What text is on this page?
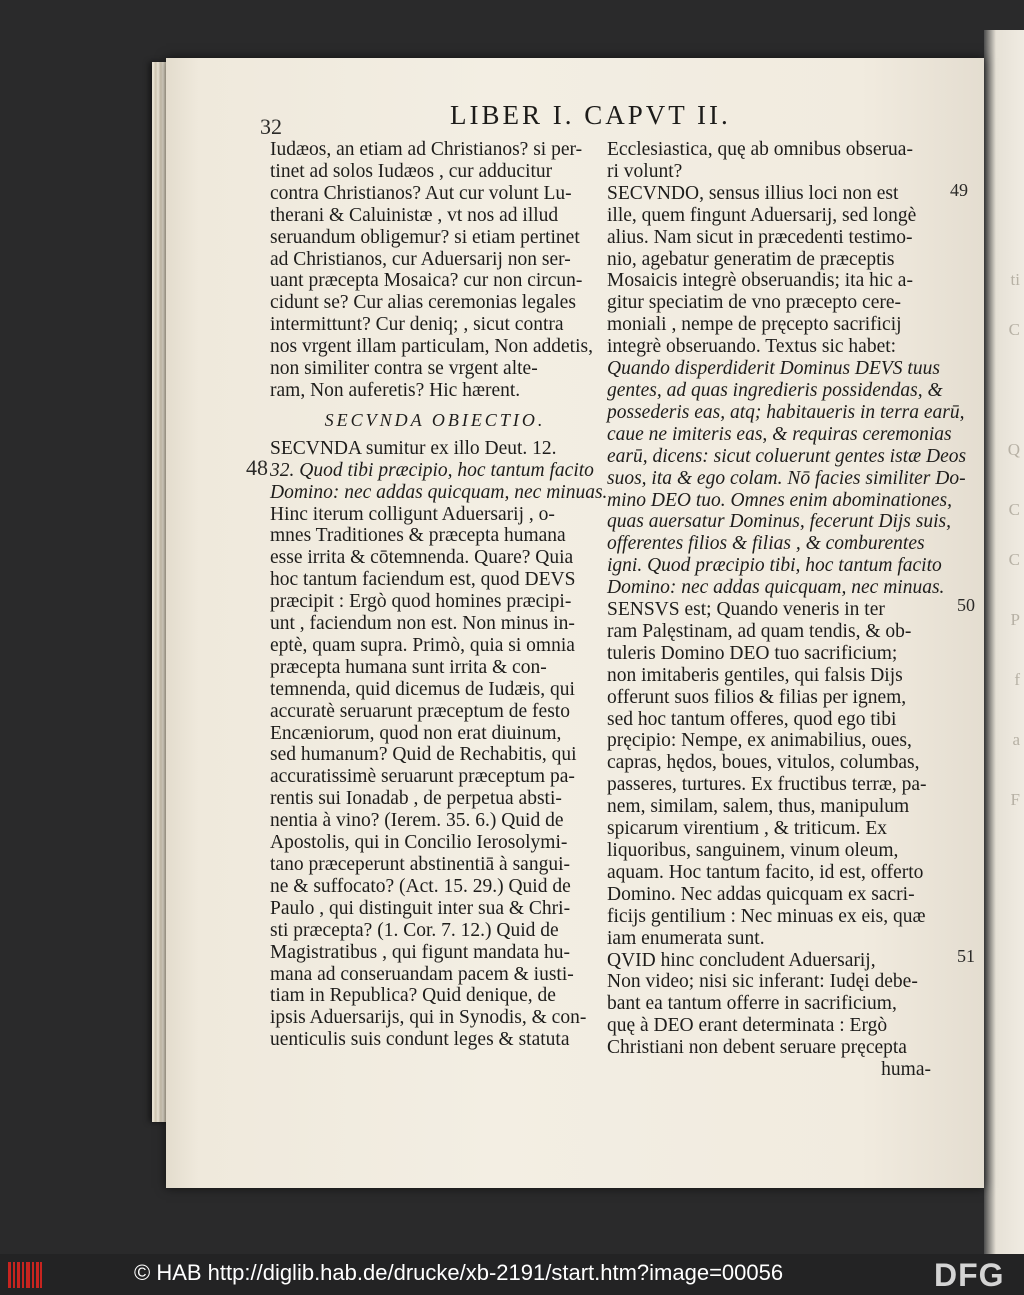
ti
C
Q
C
C
P
f
a
F
32	LIBER I. CAPVT II.
48
49
50
51
Iudæos, an etiam ad Christianos? si per-
tinet ad solos Iudæos , cur adducitur
contra Christianos? Aut cur volunt Lu-
therani & Caluinistæ , vt nos ad illud
seruandum obligemur? si etiam pertinet
ad Christianos, cur Aduersarij non ser-
uant præcepta Mosaica? cur non circun-
cidunt se? Cur alias ceremonias legales
intermittunt? Cur deniq; , sicut contra
nos vrgent illam particulam, Non addetis,
non similiter contra se vrgent alte-
ram, Non auferetis? Hic hærent.
SECVNDA OBIECTIO.
SECVNDA sumitur ex illo Deut. 12.
32. Quod tibi præcipio, hoc tantum facito
Domino: nec addas quicquam, nec minuas.
Hinc iterum colligunt Aduersarij , o-
mnes Traditiones & præcepta humana
esse irrita & cōtemnenda. Quare? Quia
hoc tantum faciendum est, quod DEVS
præcipit : Ergò quod homines præcipi-
unt , faciendum non est. Non minus in-
eptè, quam supra. Primò, quia si omnia
præcepta humana sunt irrita & con-
temnenda, quid dicemus de Iudæis, qui
accuratè seruarunt præceptum de festo
Encæniorum, quod non erat diuinum,
sed humanum? Quid de Rechabitis, qui
accuratissimè seruarunt præceptum pa-
rentis sui Ionadab , de perpetua absti-
nentia à vino? (Ierem. 35. 6.) Quid de
Apostolis, qui in Concilio Ierosolymi-
tano præceperunt abstinentiā à sangui-
ne & suffocato? (Act. 15. 29.) Quid de
Paulo , qui distinguit inter sua & Chri-
sti præcepta? (1. Cor. 7. 12.) Quid de
Magistratibus , qui figunt mandata hu-
mana ad conseruandam pacem & iusti-
tiam in Republica? Quid denique, de
ipsis Aduersarijs, qui in Synodis, & con-
uenticulis suis condunt leges & statuta
Ecclesiastica, quę ab omnibus obserua-
ri volunt?
SECVNDO, sensus illius loci non est
ille, quem fingunt Aduersarij, sed longè
alius. Nam sicut in præcedenti testimo-
nio, agebatur generatim de præceptis
Mosaicis integrè obseruandis; ita hic a-
gitur speciatim de vno præcepto cere-
moniali , nempe de pręcepto sacrificij
integrè obseruando. Textus sic habet:
Quando disperdiderit Dominus DEVS tuus
gentes, ad quas ingredieris possidendas, &
possederis eas, atq; habitaueris in terra earū,
caue ne imiteris eas, & requiras ceremonias
earū, dicens: sicut coluerunt gentes istæ Deos
suos, ita & ego colam. Nō facies similiter Do-
mino DEO tuo. Omnes enim abominationes,
quas auersatur Dominus, fecerunt Dijs suis,
offerentes filios & filias , & comburentes
igni. Quod præcipio tibi, hoc tantum facito
Domino: nec addas quicquam, nec minuas.
SENSVS est; Quando veneris in ter
ram Palęstinam, ad quam tendis, & ob-
tuleris Domino DEO tuo sacrificium;
non imitaberis gentiles, qui falsis Dijs
offerunt suos filios & filias per ignem,
sed hoc tantum offeres, quod ego tibi
pręcipio: Nempe, ex animabilius, oues,
capras, hędos, boues, vitulos, columbas,
passeres, turtures. Ex fructibus terræ, pa-
nem, similam, salem, thus, manipulum
spicarum virentium , & triticum. Ex
liquoribus, sanguinem, vinum oleum,
aquam. Hoc tantum facito, id est, offerto
Domino. Nec addas quicquam ex sacri-
ficijs gentilium : Nec minuas ex eis, quæ
iam enumerata sunt.
QVID hinc concludent Aduersarij,
Non video; nisi sic inferant: Iudęi debe-
bant ea tantum offerre in sacrificium,
quę à DEO erant determinata : Ergò
Christiani non debent seruare pręcepta
huma-
© HAB http://diglib.hab.de/drucke/xb-2191/start.htm?image=00056	DFG
